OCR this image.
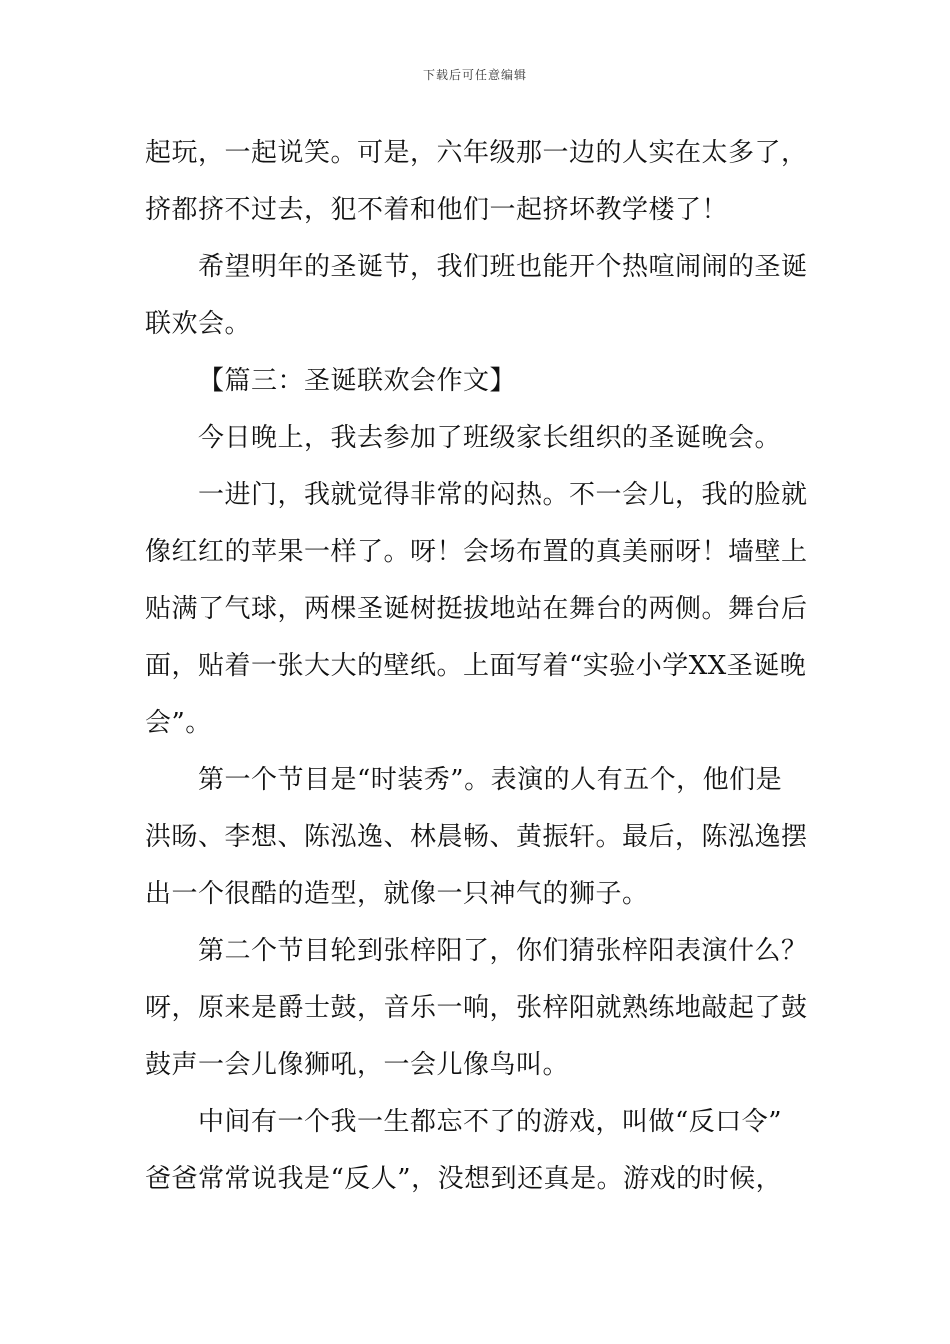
下载后可任意编辑
起玩，一起说笑。可是，六年级那一边的人实在太多了，
挤都挤不过去，犯不着和他们一起挤坏教学楼了！
希望明年的圣诞节，我们班也能开个热喧闹闹的圣诞
联欢会。
【篇三：圣诞联欢会作文】
今日晚上，我去参加了班级家长组织的圣诞晚会。
一进门，我就觉得非常的闷热。不一会儿，我的脸就
像红红的苹果一样了。呀！会场布置的真美丽呀！墙壁上
贴满了气球，两棵圣诞树挺拔地站在舞台的两侧。舞台后
面，贴着一张大大的壁纸。上面写着“实验小学XX圣诞晚
会”。
第一个节目是“时装秀”。表演的人有五个，他们是
洪旸、李想、陈泓逸、林晨畅、黄振轩。最后，陈泓逸摆
出一个很酷的造型，就像一只神气的狮子。
第二个节目轮到张梓阳了，你们猜张梓阳表演什么？
呀，原来是爵士鼓，音乐一响，张梓阳就熟练地敲起了鼓
鼓声一会儿像狮吼，一会儿像鸟叫。
中间有一个我一生都忘不了的游戏，叫做“反口令”
爸爸常常说我是“反人”，没想到还真是。游戏的时候，
